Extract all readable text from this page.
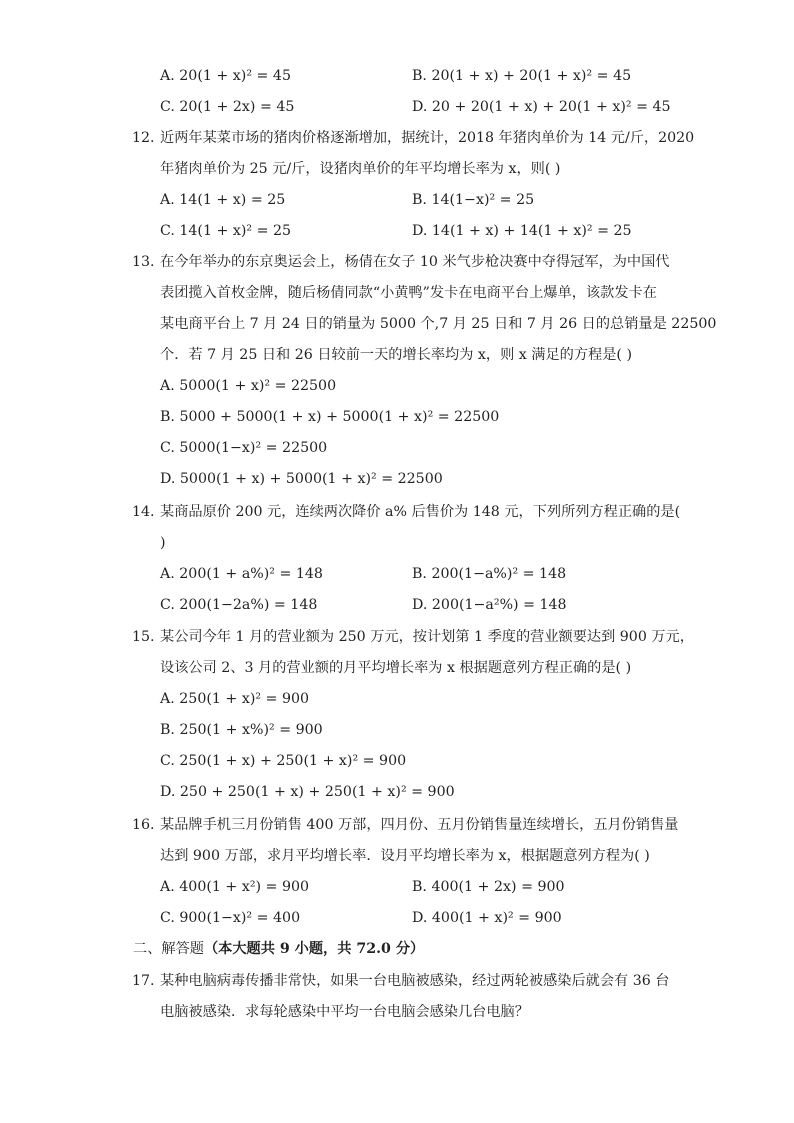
A. 20(1 + x)² = 45	B. 20(1 + x) + 20(1 + x)² = 45
C. 20(1 + 2x) = 45	D. 20 + 20(1 + x) + 20(1 + x)² = 45
12. 近两年某菜市场的猪肉价格逐渐增加，据统计，2018 年猪肉单价为 14 元/斤，2020
年猪肉单价为 25 元/斤，设猪肉单价的年平均增长率为 x，则( )
A. 14(1 + x) = 25	B. 14(1−x)² = 25
C. 14(1 + x)² = 25	D. 14(1 + x) + 14(1 + x)² = 25
13. 在今年举办的东京奥运会上，杨倩在女子 10 米气步枪决赛中夺得冠军，为中国代
表团揽入首枚金牌，随后杨倩同款“小黄鸭”发卡在电商平台上爆单，该款发卡在
某电商平台上 7 月 24 日的销量为 5000 个,7 月 25 日和 7 月 26 日的总销量是 22500
个．若 7 月 25 日和 26 日较前一天的增长率均为 x，则 x 满足的方程是( )
A. 5000(1 + x)² = 22500
B. 5000 + 5000(1 + x) + 5000(1 + x)² = 22500
C. 5000(1−x)² = 22500
D. 5000(1 + x) + 5000(1 + x)² = 22500
14. 某商品原价 200 元，连续两次降价 a% 后售价为 148 元，下列所列方程正确的是(
)
A. 200(1 + a%)² = 148	B. 200(1−a%)² = 148
C. 200(1−2a%) = 148	D. 200(1−a²%) = 148
15. 某公司今年 1 月的营业额为 250 万元，按计划第 1 季度的营业额要达到 900 万元，
设该公司 2、3 月的营业额的月平均增长率为 x 根据题意列方程正确的是( )
A. 250(1 + x)² = 900
B. 250(1 + x%)² = 900
C. 250(1 + x) + 250(1 + x)² = 900
D. 250 + 250(1 + x) + 250(1 + x)² = 900
16. 某品牌手机三月份销售 400 万部，四月份、五月份销售量连续增长，五月份销售量
达到 900 万部，求月平均增长率．设月平均增长率为 x，根据题意列方程为( )
A. 400(1 + x²) = 900	B. 400(1 + 2x) = 900
C. 900(1−x)² = 400	D. 400(1 + x)² = 900
二、解答题（本大题共 9 小题，共 72.0 分）
17. 某种电脑病毒传播非常快，如果一台电脑被感染，经过两轮被感染后就会有 36 台
电脑被感染．求每轮感染中平均一台电脑会感染几台电脑？
